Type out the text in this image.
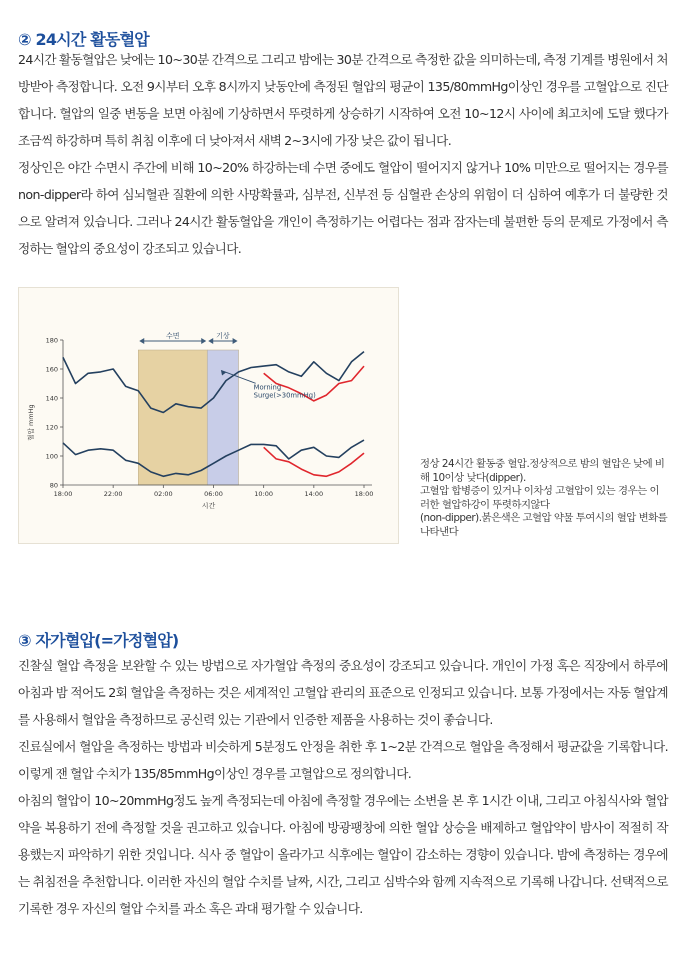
② 24시간 활동혈압

24시간 활동혈압은 낮에는 10~30분 간격으로 그리고 밤에는 30분 간격으로 측정한 값을 의미하는데, 측정 기계를 병원에서 처방받아 측정합니다. 오전 9시부터 오후 8시까지 낮동안에 측정된 혈압의 평균이 135/80mmHg이상인 경우를 고혈압으로 진단합니다. 혈압의 일중 변동을 보면 아침에 기상하면서 뚜렷하게 상승하기 시작하여 오전 10~12시 사이에 최고치에 도달 했다가 조금씩 하강하며 특히 취침 이후에 더 낮아져서 새벽 2~3시에 가장 낮은 값이 됩니다.

정상인은 야간 수면시 주간에 비해 10~20% 하강하는데 수면 중에도 혈압이 떨어지지 않거나 10% 미만으로 떨어지는 경우를 non-dipper라 하여 심뇌혈관 질환에 의한 사망확률과, 심부전, 신부전 등 심혈관 손상의 위험이 더 심하여 예후가 더 불량한 것으로 알려져 있습니다. 그러나 24시간 활동혈압을 개인이 측정하기는 어렵다는 점과 잠자는데 불편한 등의 문제로 가정에서 측정하는 혈압의 중요성이 강조되고 있습니다.

수면	기상
80
100
120
140
160
180
18:00	22:00	02:00	06:00	10:00	14:00	18:00
시간
혈압 mmHg
Morning
Surge(>30mmHg)
정상 24시간 활동중 혈압.정상적으로 밤의 혈압은 낮에 비해 10이상 낮다(dipper).
고혈압 합병증이 있거나 이차성 고혈압이 있는 경우는 이러한 혈압하강이 뚜렷하지않다
(non-dipper).붉은색은 고혈압 약물 투여시의 혈압 변화를 나타낸다
③ 자가혈압(=가정혈압)

진찰실 혈압 측정을 보완할 수 있는 방법으로 자가혈압 측정의 중요성이 강조되고 있습니다. 개인이 가정 혹은 직장에서 하루에 아침과 밤 적어도 2회 혈압을 측정하는 것은 세계적인 고혈압 관리의 표준으로 인정되고 있습니다. 보통 가정에서는 자동 혈압계를 사용해서 혈압을 측정하므로 공신력 있는 기관에서 인증한 제품을 사용하는 것이 좋습니다.

진료실에서 혈압을 측정하는 방법과 비슷하게 5분정도 안정을 취한 후 1~2분 간격으로 혈압을 측정해서 평균값을 기록합니다. 이렇게 잰 혈압 수치가 135/85mmHg이상인 경우를 고혈압으로 정의합니다.

아침의 혈압이 10~20mmHg정도 높게 측정되는데 아침에 측정할 경우에는 소변을 본 후 1시간 이내, 그리고 아침식사와 혈압약을 복용하기 전에 측정할 것을 권고하고 있습니다. 아침에 방광팽창에 의한 혈압 상승을 배제하고 혈압약이 밤사이 적절히 작용했는지 파악하기 위한 것입니다. 식사 중 혈압이 올라가고 식후에는 혈압이 감소하는 경향이 있습니다. 밤에 측정하는 경우에는 취침전을 추천합니다. 이러한 자신의 혈압 수치를 날짜, 시간, 그리고 심박수와 함께 지속적으로 기록해 나갑니다. 선택적으로 기록한 경우 자신의 혈압 수치를 과소 혹은 과대 평가할 수 있습니다.
